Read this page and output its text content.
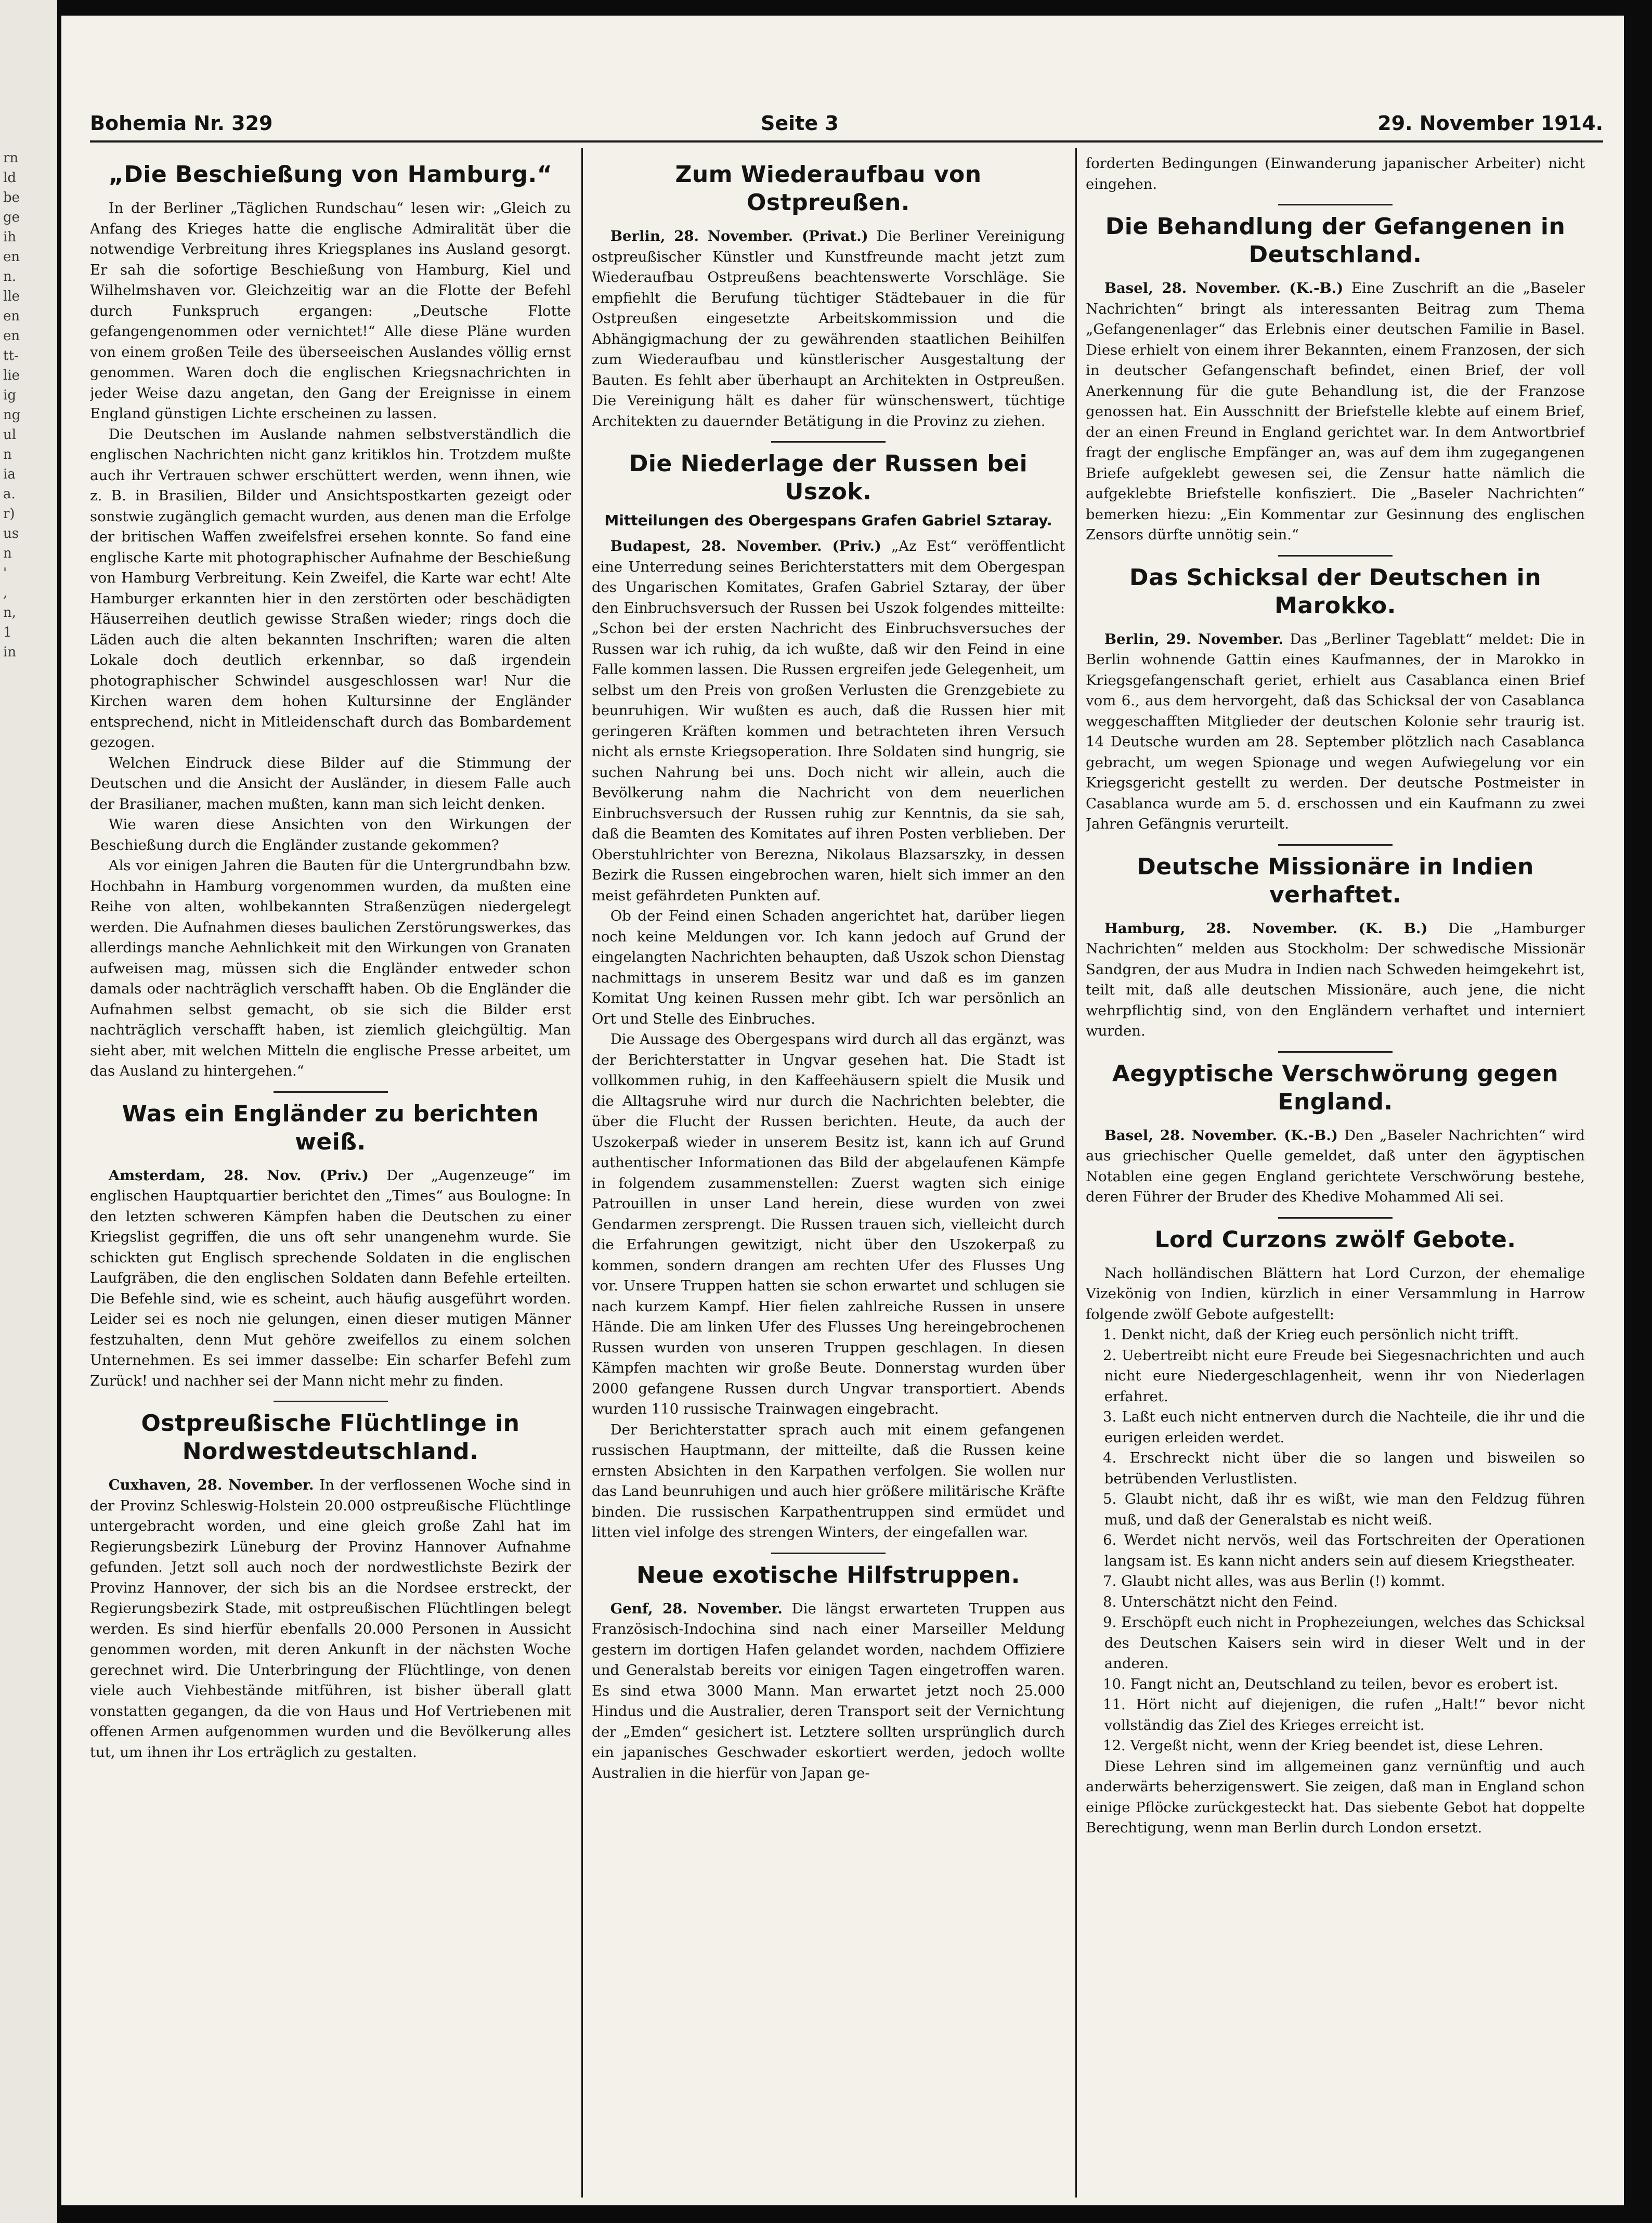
rn
ld
be
ge
ih
en
n.
lle
en
en
tt-
lie
ig
ng
ul
n
ia
a.
r)
us
n
'
,
n,
1
in
Bohemia Nr. 329	Seite 3	29. November 1914.
„Die Beschießung von Hamburg.“

In der Berliner „Täglichen Rundschau“ lesen wir: „Gleich zu Anfang des Krieges hatte die englische Admiralität über die notwendige Verbreitung ihres Kriegsplanes ins Ausland gesorgt. Er sah die sofortige Beschießung von Hamburg, Kiel und Wilhelmshaven vor. Gleichzeitig war an die Flotte der Befehl durch Funkspruch ergangen: „Deutsche Flotte gefangengenommen oder vernichtet!“ Alle diese Pläne wurden von einem großen Teile des überseeischen Auslandes völlig ernst genommen. Waren doch die englischen Kriegsnachrichten in jeder Weise dazu angetan, den Gang der Ereignisse in einem England günstigen Lichte erscheinen zu lassen.

Die Deutschen im Auslande nahmen selbstverständlich die englischen Nachrichten nicht ganz kritiklos hin. Trotzdem mußte auch ihr Vertrauen schwer erschüttert werden, wenn ihnen, wie z. B. in Brasilien, Bilder und Ansichtspostkarten gezeigt oder sonstwie zugänglich gemacht wurden, aus denen man die Erfolge der britischen Waffen zweifelsfrei ersehen konnte. So fand eine englische Karte mit photographischer Aufnahme der Beschießung von Hamburg Verbreitung. Kein Zweifel, die Karte war echt! Alte Hamburger erkannten hier in den zerstörten oder beschädigten Häuserreihen deutlich gewisse Straßen wieder; rings doch die Läden auch die alten bekannten Inschriften; waren die alten Lokale doch deutlich erkennbar, so daß irgendein photographischer Schwindel ausgeschlossen war! Nur die Kirchen waren dem hohen Kultursinne der Engländer entsprechend, nicht in Mitleidenschaft durch das Bombardement gezogen.

Welchen Eindruck diese Bilder auf die Stimmung der Deutschen und die Ansicht der Ausländer, in diesem Falle auch der Brasilianer, machen mußten, kann man sich leicht denken.

Wie waren diese Ansichten von den Wirkungen der Beschießung durch die Engländer zustande gekommen?

Als vor einigen Jahren die Bauten für die Untergrundbahn bzw. Hochbahn in Hamburg vorgenommen wurden, da mußten eine Reihe von alten, wohlbekannten Straßenzügen niedergelegt werden. Die Aufnahmen dieses baulichen Zerstörungswerkes, das allerdings manche Aehnlichkeit mit den Wirkungen von Granaten aufweisen mag, müssen sich die Engländer entweder schon damals oder nachträglich verschafft haben. Ob die Engländer die Aufnahmen selbst gemacht, ob sie sich die Bilder erst nachträglich verschafft haben, ist ziemlich gleichgültig. Man sieht aber, mit welchen Mitteln die englische Presse arbeitet, um das Ausland zu hintergehen.“

Was ein Engländer zu berichten weiß.

Amsterdam, 28. Nov. (Priv.) Der „Augenzeuge“ im englischen Hauptquartier berichtet den „Times“ aus Boulogne: In den letzten schweren Kämpfen haben die Deutschen zu einer Kriegslist gegriffen, die uns oft sehr unangenehm wurde. Sie schickten gut Englisch sprechende Soldaten in die englischen Laufgräben, die den englischen Soldaten dann Befehle erteilten. Die Befehle sind, wie es scheint, auch häufig ausgeführt worden. Leider sei es noch nie gelungen, einen dieser mutigen Männer festzuhalten, denn Mut gehöre zweifellos zu einem solchen Unternehmen. Es sei immer dasselbe: Ein scharfer Befehl zum Zurück! und nachher sei der Mann nicht mehr zu finden.

Ostpreußische Flüchtlinge in Nordwestdeutschland.

Cuxhaven, 28. November. In der verflossenen Woche sind in der Provinz Schleswig-Holstein 20.000 ostpreußische Flüchtlinge untergebracht worden, und eine gleich große Zahl hat im Regierungsbezirk Lüneburg der Provinz Hannover Aufnahme gefunden. Jetzt soll auch noch der nordwestlichste Bezirk der Provinz Hannover, der sich bis an die Nordsee erstreckt, der Regierungsbezirk Stade, mit ostpreußischen Flüchtlingen belegt werden. Es sind hierfür ebenfalls 20.000 Personen in Aussicht genommen worden, mit deren Ankunft in der nächsten Woche gerechnet wird. Die Unterbringung der Flüchtlinge, von denen viele auch Viehbestände mitführen, ist bisher überall glatt vonstatten gegangen, da die von Haus und Hof Vertriebenen mit offenen Armen aufgenommen wurden und die Bevölkerung alles tut, um ihnen ihr Los erträglich zu gestalten.

Zum Wiederaufbau von Ostpreußen.

Berlin, 28. November. (Privat.) Die Berliner Vereinigung ostpreußischer Künstler und Kunstfreunde macht jetzt zum Wiederaufbau Ostpreußens beachtenswerte Vorschläge. Sie empfiehlt die Berufung tüchtiger Städtebauer in die für Ostpreußen eingesetzte Arbeitskommission und die Abhängigmachung der zu gewährenden staatlichen Beihilfen zum Wiederaufbau und künstlerischer Ausgestaltung der Bauten. Es fehlt aber überhaupt an Architekten in Ostpreußen. Die Vereinigung hält es daher für wünschenswert, tüchtige Architekten zu dauernder Betätigung in die Provinz zu ziehen.

Die Niederlage der Russen bei Uszok.
Mitteilungen des Obergespans Grafen Gabriel Sztaray.

Budapest, 28. November. (Priv.) „Az Est“ veröffentlicht eine Unterredung seines Berichterstatters mit dem Obergespan des Ungarischen Komitates, Grafen Gabriel Sztaray, der über den Einbruchsversuch der Russen bei Uszok folgendes mitteilte: „Schon bei der ersten Nachricht des Einbruchsversuches der Russen war ich ruhig, da ich wußte, daß wir den Feind in eine Falle kommen lassen. Die Russen ergreifen jede Gelegenheit, um selbst um den Preis von großen Verlusten die Grenzgebiete zu beunruhigen. Wir wußten es auch, daß die Russen hier mit geringeren Kräften kommen und betrachteten ihren Versuch nicht als ernste Kriegsoperation. Ihre Soldaten sind hungrig, sie suchen Nahrung bei uns. Doch nicht wir allein, auch die Bevölkerung nahm die Nachricht von dem neuerlichen Einbruchsversuch der Russen ruhig zur Kenntnis, da sie sah, daß die Beamten des Komitates auf ihren Posten verblieben. Der Oberstuhlrichter von Berezna, Nikolaus Blazsarszky, in dessen Bezirk die Russen eingebrochen waren, hielt sich immer an den meist gefährdeten Punkten auf.

Ob der Feind einen Schaden angerichtet hat, darüber liegen noch keine Meldungen vor. Ich kann jedoch auf Grund der eingelangten Nachrichten behaupten, daß Uszok schon Dienstag nachmittags in unserem Besitz war und daß es im ganzen Komitat Ung keinen Russen mehr gibt. Ich war persönlich an Ort und Stelle des Einbruches.

Die Aussage des Obergespans wird durch all das ergänzt, was der Berichterstatter in Ungvar gesehen hat. Die Stadt ist vollkommen ruhig, in den Kaffeehäusern spielt die Musik und die Alltagsruhe wird nur durch die Nachrichten belebter, die über die Flucht der Russen berichten. Heute, da auch der Uszokerpaß wieder in unserem Besitz ist, kann ich auf Grund authentischer Informationen das Bild der abgelaufenen Kämpfe in folgendem zusammenstellen: Zuerst wagten sich einige Patrouillen in unser Land herein, diese wurden von zwei Gendarmen zersprengt. Die Russen trauen sich, vielleicht durch die Erfahrungen gewitzigt, nicht über den Uszokerpaß zu kommen, sondern drangen am rechten Ufer des Flusses Ung vor. Unsere Truppen hatten sie schon erwartet und schlugen sie nach kurzem Kampf. Hier fielen zahlreiche Russen in unsere Hände. Die am linken Ufer des Flusses Ung hereingebrochenen Russen wurden von unseren Truppen geschlagen. In diesen Kämpfen machten wir große Beute. Donnerstag wurden über 2000 gefangene Russen durch Ungvar transportiert. Abends wurden 110 russische Trainwagen eingebracht.

Der Berichterstatter sprach auch mit einem gefangenen russischen Hauptmann, der mitteilte, daß die Russen keine ernsten Absichten in den Karpathen verfolgen. Sie wollen nur das Land beunruhigen und auch hier größere militärische Kräfte binden. Die russischen Karpathentruppen sind ermüdet und litten viel infolge des strengen Winters, der eingefallen war.

Neue exotische Hilfstruppen.

Genf, 28. November. Die längst erwarteten Truppen aus Französisch-Indochina sind nach einer Marseiller Meldung gestern im dortigen Hafen gelandet worden, nachdem Offiziere und Generalstab bereits vor einigen Tagen eingetroffen waren. Es sind etwa 3000 Mann. Man erwartet jetzt noch 25.000 Hindus und die Australier, deren Transport seit der Vernichtung der „Emden“ gesichert ist. Letztere sollten ursprünglich durch ein japanisches Geschwader eskortiert werden, jedoch wollte Australien in die hierfür von Japan ge-

forderten Bedingungen (Einwanderung japanischer Arbeiter) nicht eingehen.

Die Behandlung der Gefangenen in Deutschland.

Basel, 28. November. (K.-B.) Eine Zuschrift an die „Baseler Nachrichten“ bringt als interessanten Beitrag zum Thema „Gefangenenlager“ das Erlebnis einer deutschen Familie in Basel. Diese erhielt von einem ihrer Bekannten, einem Franzosen, der sich in deutscher Gefangenschaft befindet, einen Brief, der voll Anerkennung für die gute Behandlung ist, die der Franzose genossen hat. Ein Ausschnitt der Briefstelle klebte auf einem Brief, der an einen Freund in England gerichtet war. In dem Antwortbrief fragt der englische Empfänger an, was auf dem ihm zugegangenen Briefe aufgeklebt gewesen sei, die Zensur hatte nämlich die aufgeklebte Briefstelle konfisziert. Die „Baseler Nachrichten“ bemerken hiezu: „Ein Kommentar zur Gesinnung des englischen Zensors dürfte unnötig sein.“

Das Schicksal der Deutschen in Marokko.

Berlin, 29. November. Das „Berliner Tageblatt“ meldet: Die in Berlin wohnende Gattin eines Kaufmannes, der in Marokko in Kriegsgefangenschaft geriet, erhielt aus Casablanca einen Brief vom 6., aus dem hervorgeht, daß das Schicksal der von Casablanca weggeschafften Mitglieder der deutschen Kolonie sehr traurig ist. 14 Deutsche wurden am 28. September plötzlich nach Casablanca gebracht, um wegen Spionage und wegen Aufwiegelung vor ein Kriegsgericht gestellt zu werden. Der deutsche Postmeister in Casablanca wurde am 5. d. erschossen und ein Kaufmann zu zwei Jahren Gefängnis verurteilt.

Deutsche Missionäre in Indien verhaftet.

Hamburg, 28. November. (K. B.) Die „Hamburger Nachrichten“ melden aus Stockholm: Der schwedische Missionär Sandgren, der aus Mudra in Indien nach Schweden heimgekehrt ist, teilt mit, daß alle deutschen Missionäre, auch jene, die nicht wehrpflichtig sind, von den Engländern verhaftet und interniert wurden.

Aegyptische Verschwörung gegen England.

Basel, 28. November. (K.-B.) Den „Baseler Nachrichten“ wird aus griechischer Quelle gemeldet, daß unter den ägyptischen Notablen eine gegen England gerichtete Verschwörung bestehe, deren Führer der Bruder des Khedive Mohammed Ali sei.

Lord Curzons zwölf Gebote.

Nach holländischen Blättern hat Lord Curzon, der ehemalige Vizekönig von Indien, kürzlich in einer Versammlung in Harrow folgende zwölf Gebote aufgestellt:

1. Denkt nicht, daß der Krieg euch persönlich nicht trifft.

2. Uebertreibt nicht eure Freude bei Siegesnachrichten und auch nicht eure Niedergeschlagenheit, wenn ihr von Niederlagen erfahret.

3. Laßt euch nicht entnerven durch die Nachteile, die ihr und die eurigen erleiden werdet.

4. Erschreckt nicht über die so langen und bisweilen so betrübenden Verlustlisten.

5. Glaubt nicht, daß ihr es wißt, wie man den Feldzug führen muß, und daß der Generalstab es nicht weiß.

6. Werdet nicht nervös, weil das Fortschreiten der Operationen langsam ist. Es kann nicht anders sein auf diesem Kriegstheater.

7. Glaubt nicht alles, was aus Berlin (!) kommt.

8. Unterschätzt nicht den Feind.

9. Erschöpft euch nicht in Prophezeiungen, welches das Schicksal des Deutschen Kaisers sein wird in dieser Welt und in der anderen.

10. Fangt nicht an, Deutschland zu teilen, bevor es erobert ist.

11. Hört nicht auf diejenigen, die rufen „Halt!“ bevor nicht vollständig das Ziel des Krieges erreicht ist.

12. Vergeßt nicht, wenn der Krieg beendet ist, diese Lehren.

Diese Lehren sind im allgemeinen ganz vernünftig und auch anderwärts beherzigenswert. Sie zeigen, daß man in England schon einige Pflöcke zurückgesteckt hat. Das siebente Gebot hat doppelte Berechtigung, wenn man Berlin durch London ersetzt.
